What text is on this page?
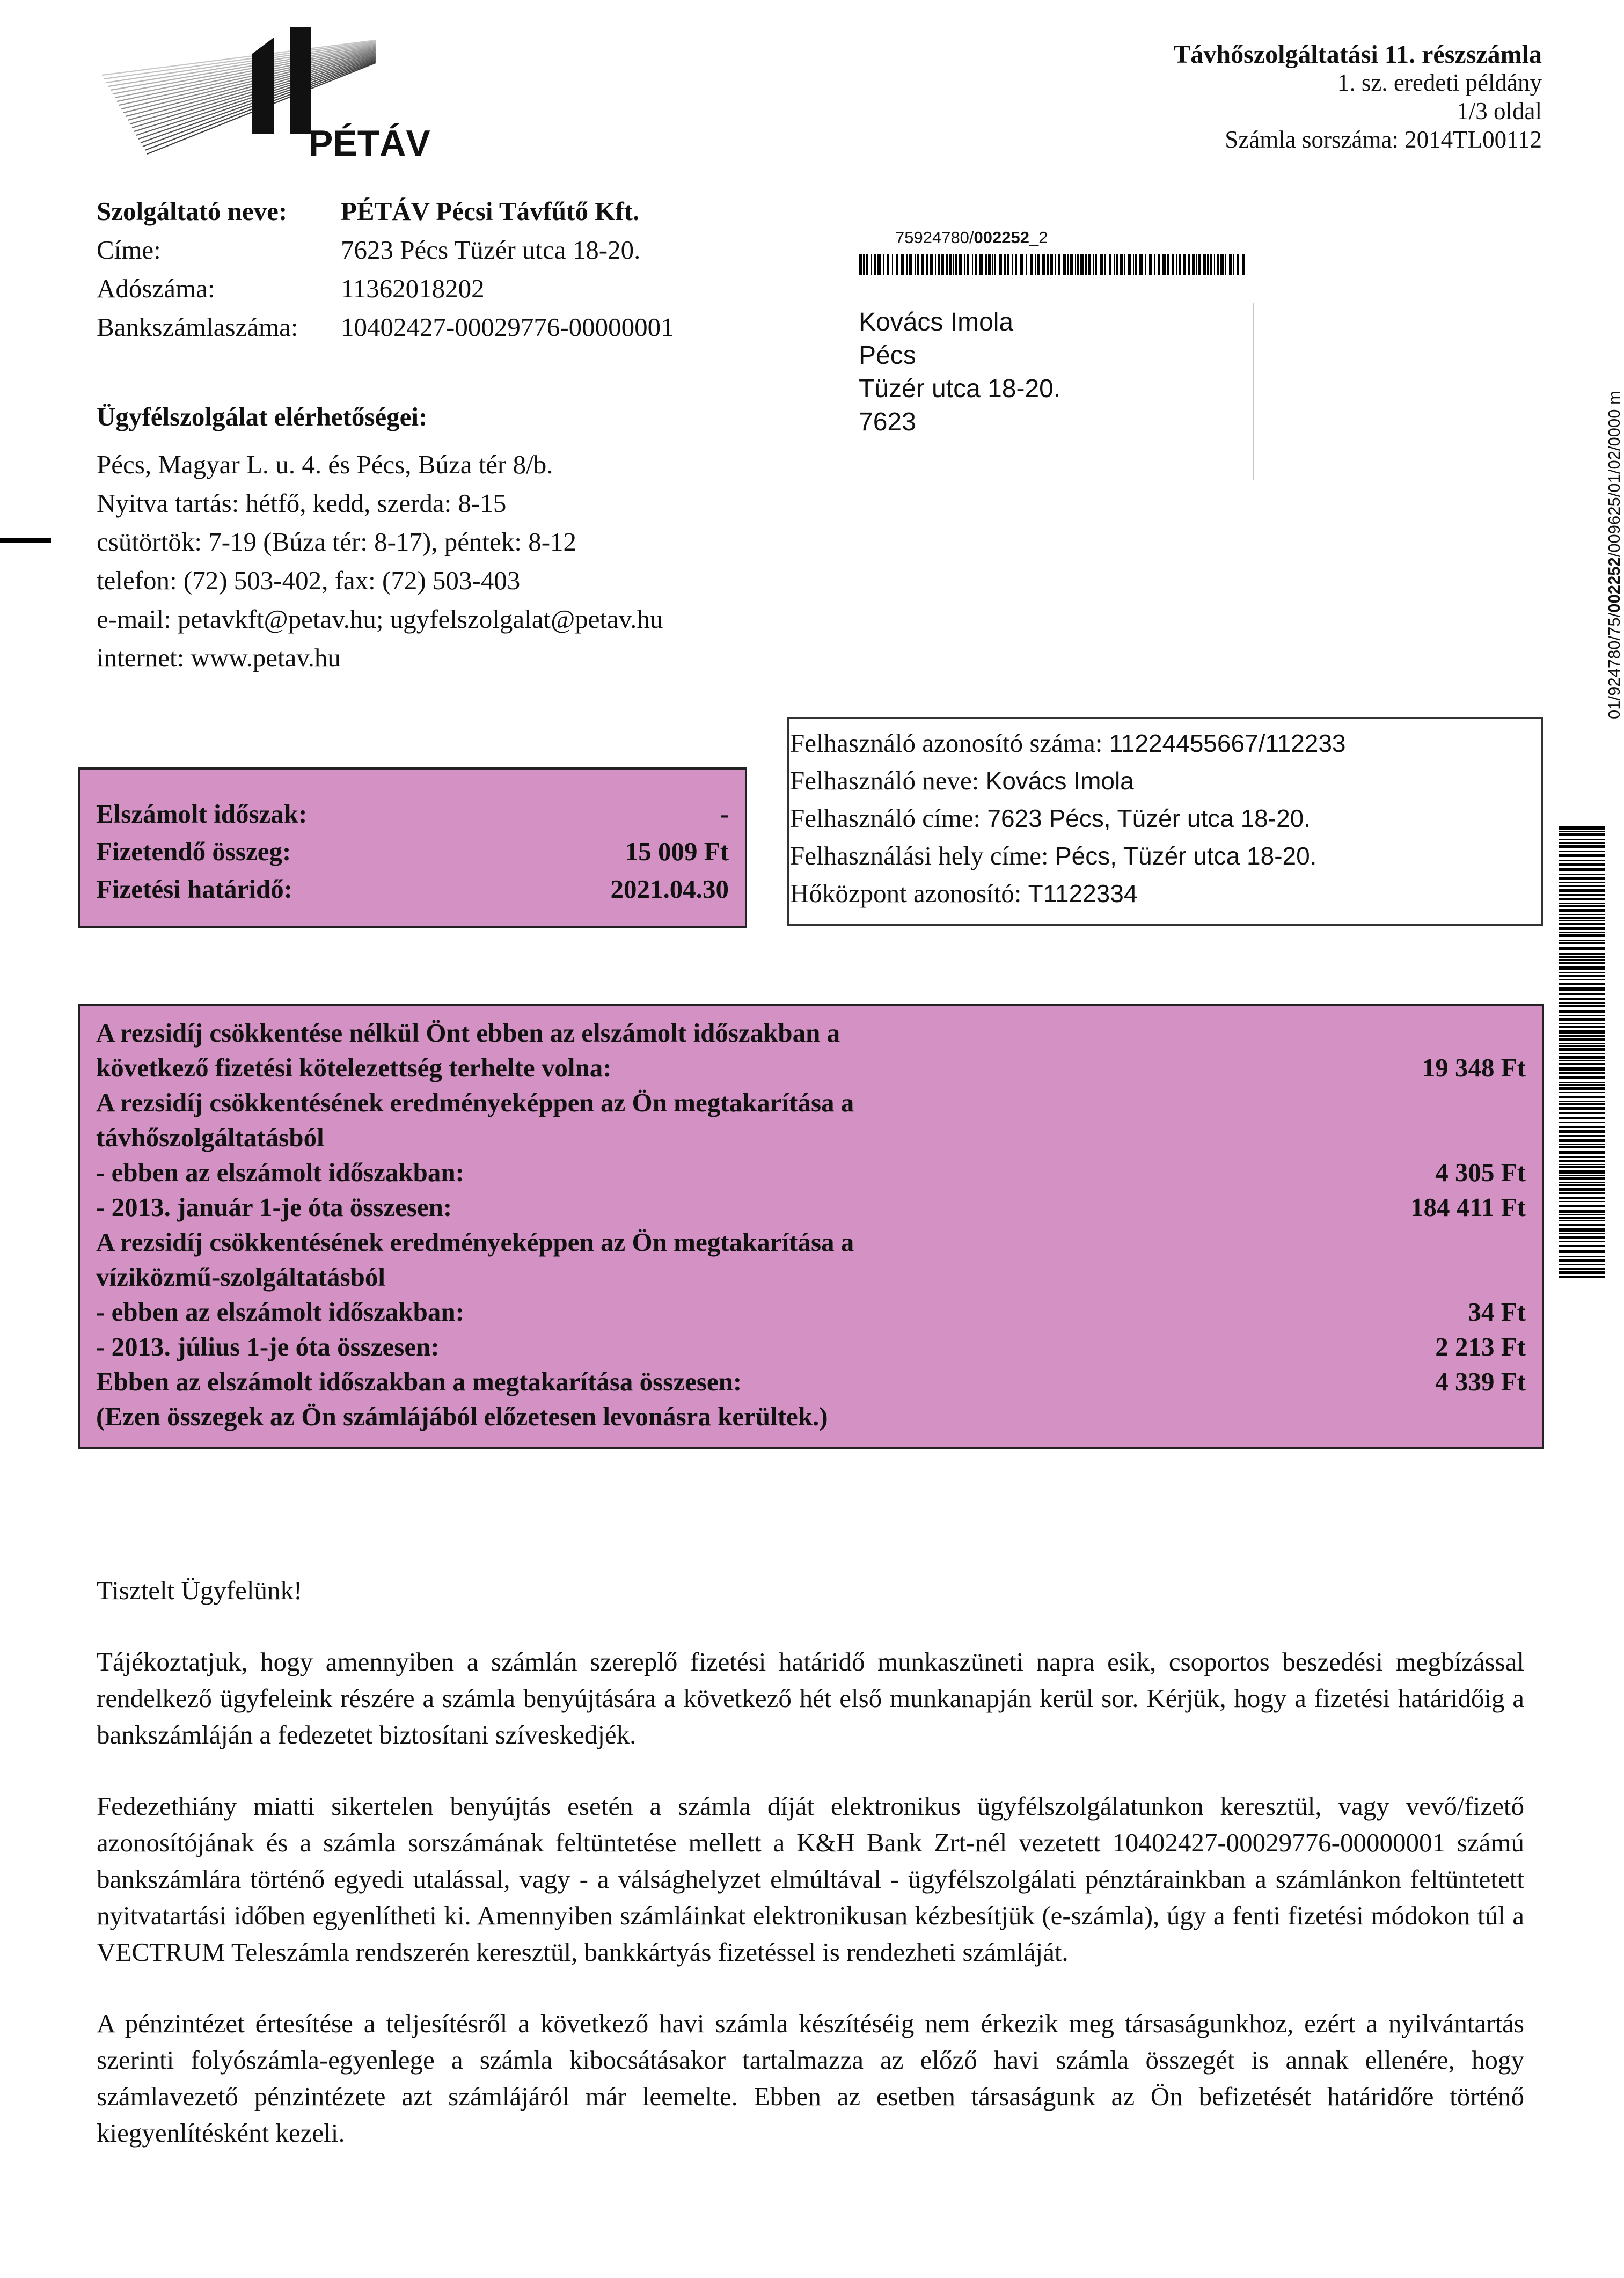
PÉTÁV
Távhőszolgáltatási 11. részszámla
1. sz. eredeti példány
1/3 oldal
Számla sorszáma: 2014TL00112
Szolgáltató neve:	PÉTÁV Pécsi Távfűtő Kft.
Címe:	7623 Pécs Tüzér utca 18-20.
Adószáma:	11362018202
Bankszámlaszáma:	10402427-00029776-00000001
Ügyfélszolgálat elérhetőségei:
Pécs, Magyar L. u. 4. és Pécs, Búza tér 8/b.
Nyitva tartás: hétfő, kedd, szerda: 8-15
csütörtök: 7-19 (Búza tér: 8-17), péntek: 8-12
telefon: (72) 503-402, fax: (72) 503-403
e-mail: petavkft@petav.hu; ugyfelszolgalat@petav.hu
internet: www.petav.hu
75924780/002252_2
Kovács Imola
Pécs
Tüzér utca 18-20.
7623
01/924780/75/002252/009625/01/02/0000 m
Felhasználó azonosító száma: 11224455667/112233
Felhasználó neve: Kovács Imola
Felhasználó címe: 7623 Pécs, Tüzér utca 18-20.
Felhasználási hely címe: Pécs, Tüzér utca 18-20.
Hőközpont azonosító: T1122334
Elszámolt időszak:	-
Fizetendő összeg:	15 009 Ft
Fizetési határidő:	2021.04.30
A rezsidíj csökkentése nélkül Önt ebben az elszámolt időszakban a
következő fizetési kötelezettség terhelte volna:	19 348 Ft
A rezsidíj csökkentésének eredményeképpen az Ön megtakarítása a
távhőszolgáltatásból
- ebben az elszámolt időszakban:	4 305 Ft
- 2013. január 1-je óta összesen:	184 411 Ft
A rezsidíj csökkentésének eredményeképpen az Ön megtakarítása a
víziközmű-szolgáltatásból
- ebben az elszámolt időszakban:	34 Ft
- 2013. július 1-je óta összesen:	2 213 Ft
Ebben az elszámolt időszakban a megtakarítása összesen:	4 339 Ft
(Ezen összegek az Ön számlájából előzetesen levonásra kerültek.)
Tisztelt Ügyfelünk!

Tájékoztatjuk, hogy amennyiben a számlán szereplő fizetési határidő munkaszüneti napra esik, csoportos beszedési megbízással rendelkező ügyfeleink részére a számla benyújtására a következő hét első munkanapján kerül sor. Kérjük, hogy a fizetési határidőig a bankszámláján a fedezetet biztosítani szíveskedjék.

Fedezethiány miatti sikertelen benyújtás esetén a számla díját elektronikus ügyfélszolgálatunkon keresztül, vagy vevő/fizető azonosítójának és a számla sorszámának feltüntetése mellett a K&H Bank Zrt-nél vezetett 10402427-00029776-00000001 számú bankszámlára történő egyedi utalással, vagy - a válsághelyzet elmúltával - ügyfélszolgálati pénztárainkban a számlánkon feltüntetett nyitvatartási időben egyenlítheti ki. Amennyiben számláinkat elektronikusan kézbesítjük (e-számla), úgy a fenti fizetési módokon túl a VECTRUM Teleszámla rendszerén keresztül, bankkártyás fizetéssel is rendezheti számláját.

A pénzintézet értesítése a teljesítésről a következő havi számla készítéséig nem érkezik meg társaságunkhoz, ezért a nyilvántartás szerinti folyószámla-egyenlege a számla kibocsátásakor tartalmazza az előző havi számla összegét is annak ellenére, hogy számlavezető pénzintézete azt számlájáról már leemelte. Ebben az esetben társaságunk az Ön befizetését határidőre történő kiegyenlítésként kezeli.
